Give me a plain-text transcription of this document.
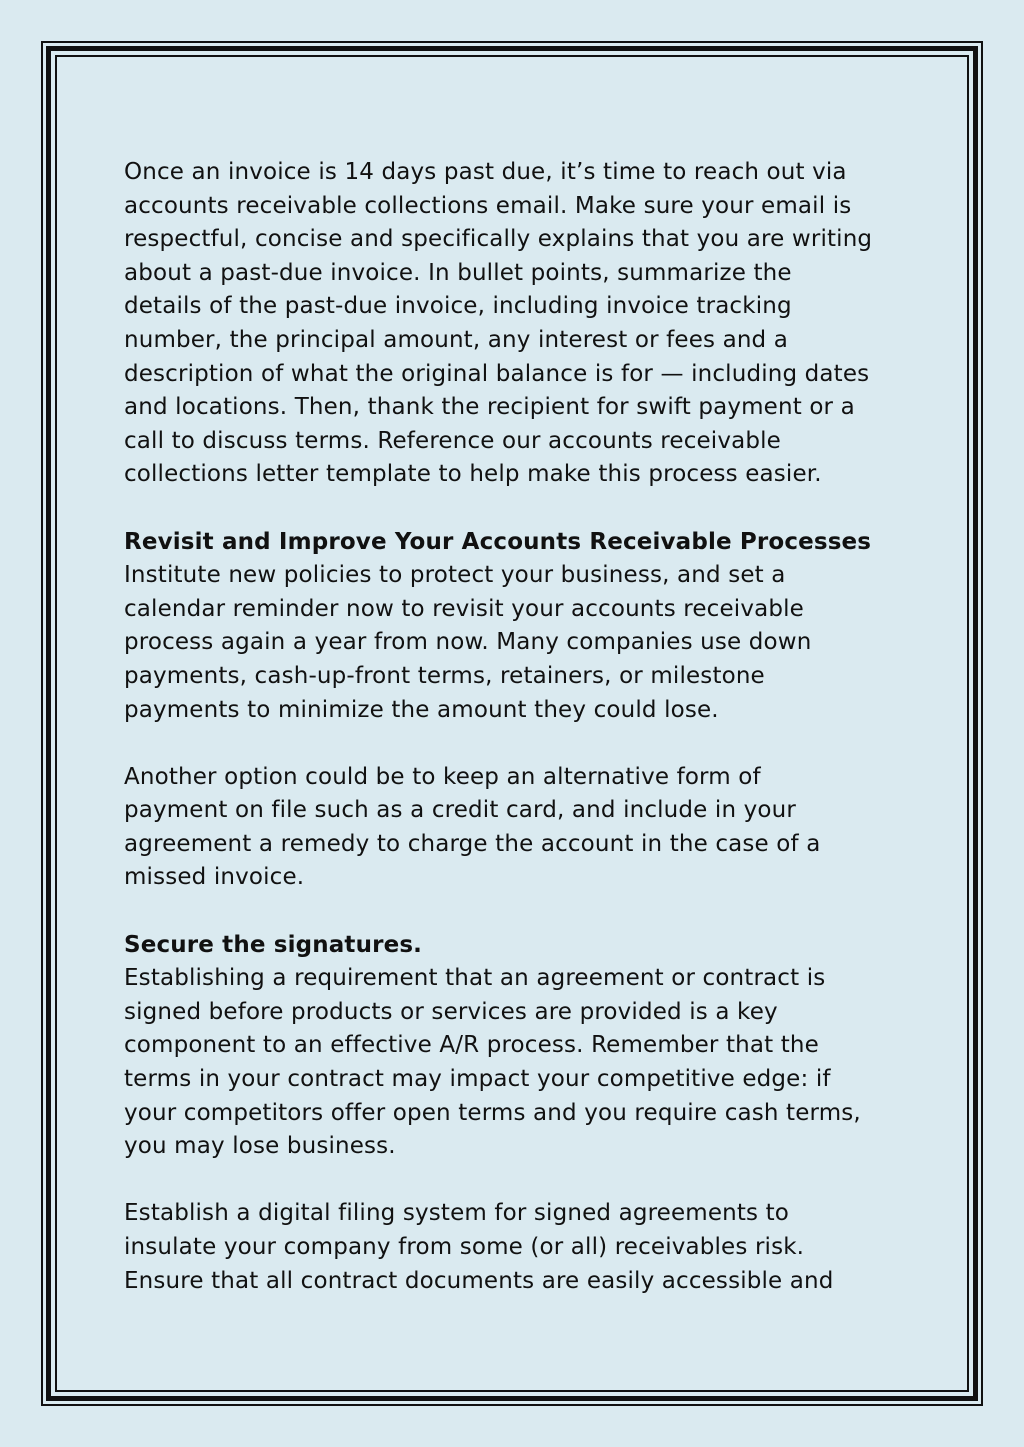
Once an invoice is 14 days past due, it’s time to reach out via
accounts receivable collections email. Make sure your email is
respectful, concise and specifically explains that you are writing
about a past-due invoice. In bullet points, summarize the
details of the past-due invoice, including invoice tracking
number, the principal amount, any interest or fees and a
description of what the original balance is for — including dates
and locations. Then, thank the recipient for swift payment or a
call to discuss terms. Reference our accounts receivable
collections letter template to help make this process easier.

Revisit and Improve Your Accounts Receivable Processes
Institute new policies to protect your business, and set a
calendar reminder now to revisit your accounts receivable
process again a year from now. Many companies use down
payments, cash-up-front terms, retainers, or milestone
payments to minimize the amount they could lose.

Another option could be to keep an alternative form of
payment on file such as a credit card, and include in your
agreement a remedy to charge the account in the case of a
missed invoice.

Secure the signatures.
Establishing a requirement that an agreement or contract is
signed before products or services are provided is a key
component to an effective A/R process. Remember that the
terms in your contract may impact your competitive edge: if
your competitors offer open terms and you require cash terms,
you may lose business.

Establish a digital filing system for signed agreements to
insulate your company from some (or all) receivables risk.
Ensure that all contract documents are easily accessible and
